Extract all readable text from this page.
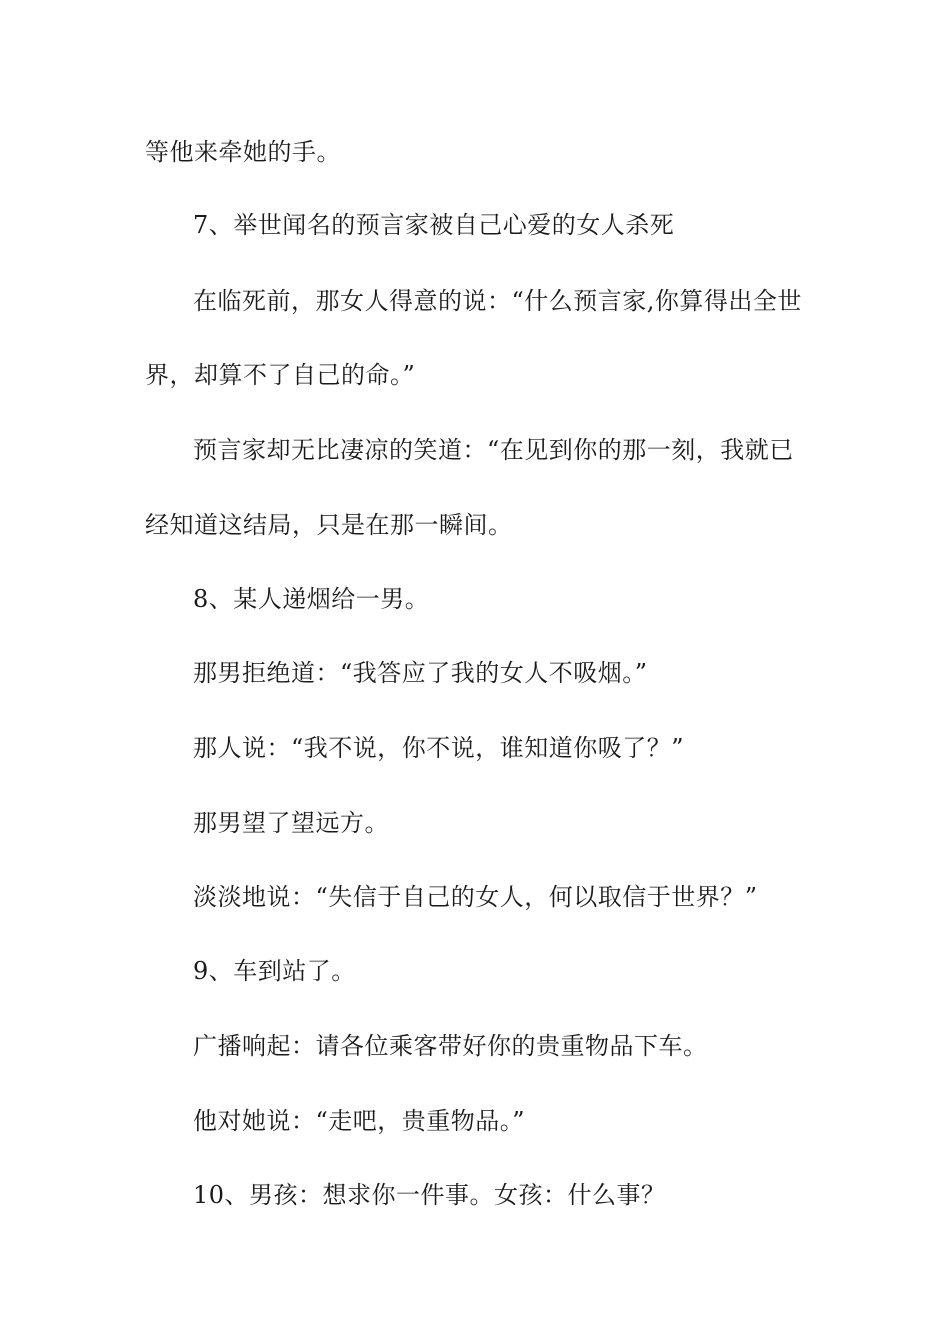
等他来牵她的手。
7、举世闻名的预言家被自己心爱的女人杀死
在临死前，那女人得意的说：“什么预言家,你算得出全世
界，却算不了自己的命。”
预言家却无比凄凉的笑道：“在见到你的那一刻，我就已
经知道这结局，只是在那一瞬间。
8、某人递烟给一男。
那男拒绝道：“我答应了我的女人不吸烟。”
那人说：“我不说，你不说，谁知道你吸了？”
那男望了望远方。
淡淡地说：“失信于自己的女人，何以取信于世界？”
9、车到站了。
广播响起：请各位乘客带好你的贵重物品下车。
他对她说：“走吧，贵重物品。”
10、男孩：想求你一件事。女孩：什么事？
